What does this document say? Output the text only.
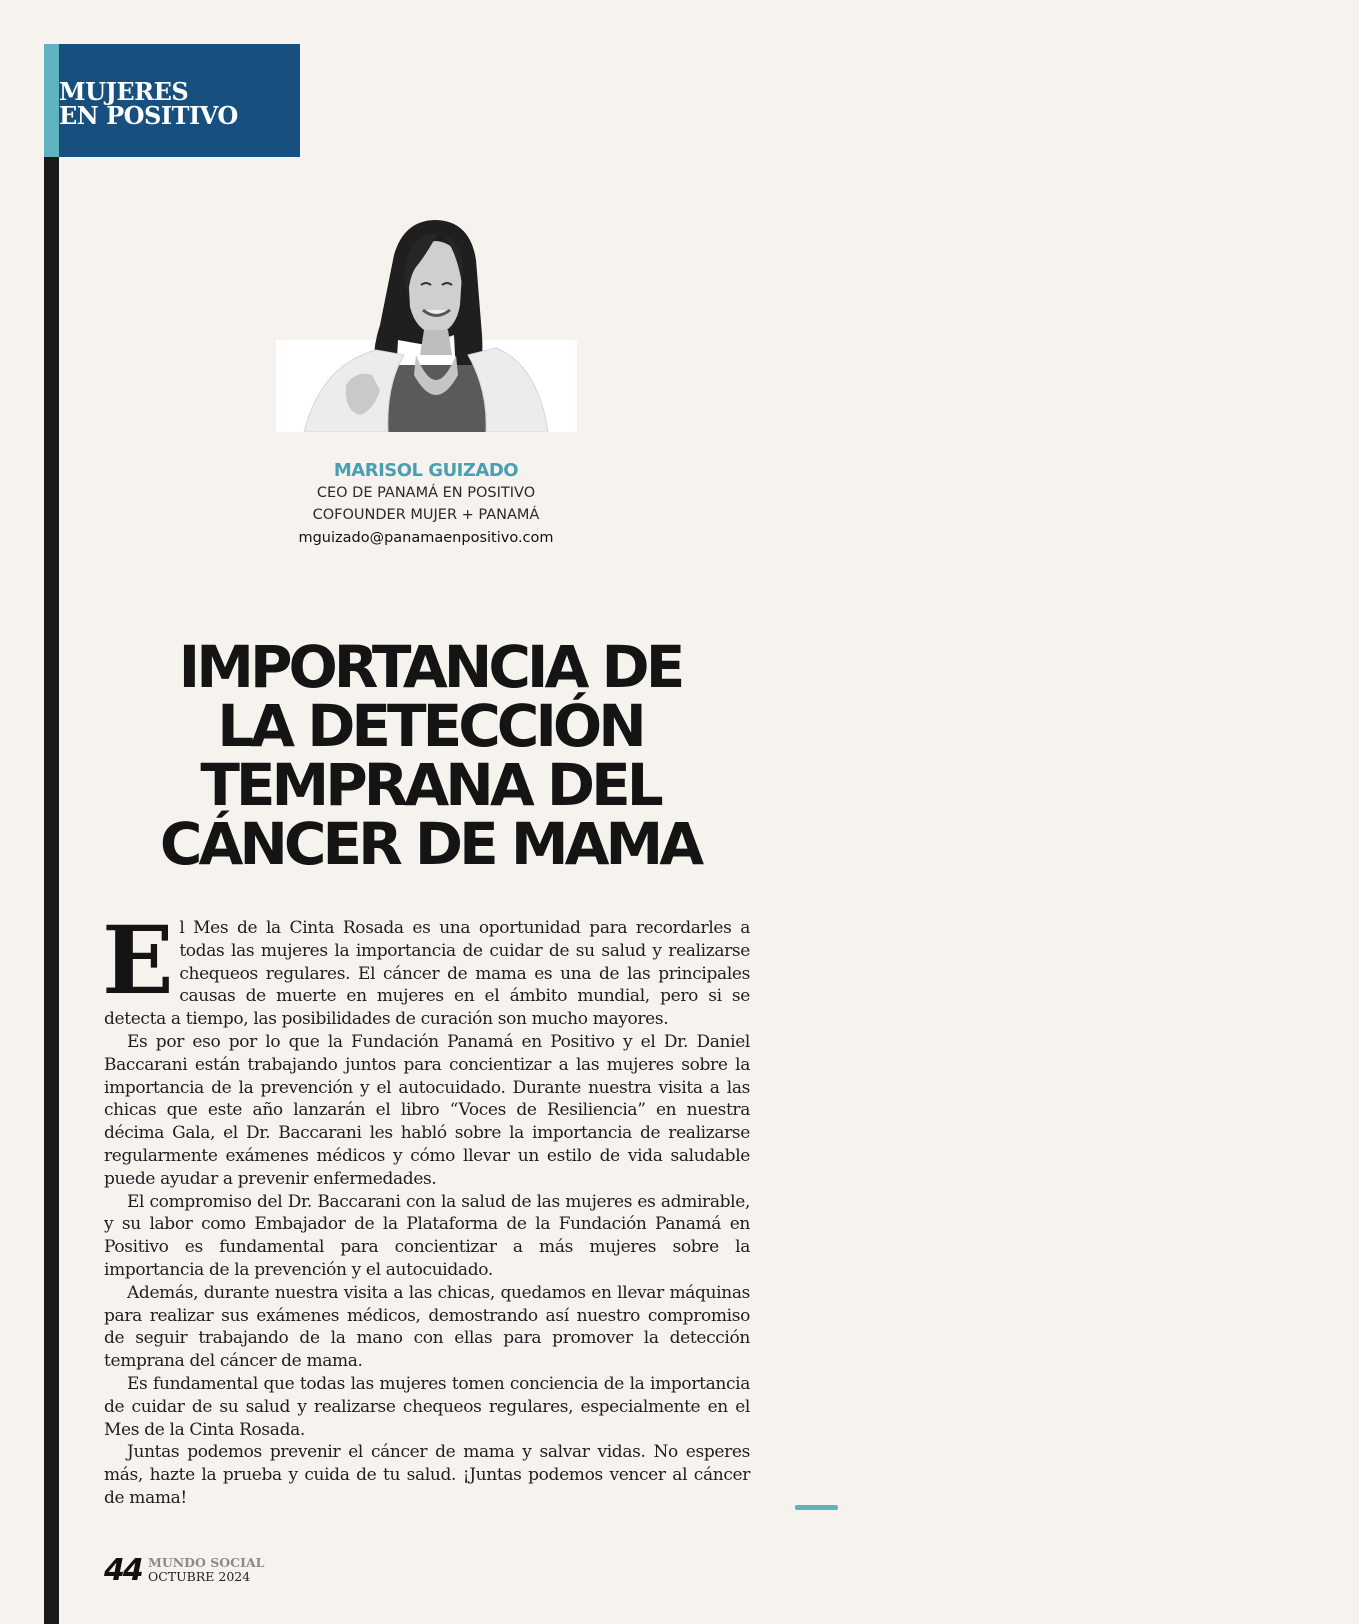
MUJERES
EN POSITIVO
MARISOL GUIZADO
CEO DE PANAMÁ EN POSITIVO
COFOUNDER MUJER + PANAMÁ
mguizado@panamaenpositivo.com
IMPORTANCIA DE
LA DETECCIÓN
TEMPRANA DEL
CÁNCER DE MAMA

El Mes de la Cinta Rosada es una oportunidad para recordarles a todas las mujeres la importancia de cuidar de su salud y realizarse chequeos regulares. El cáncer de mama es una de las principales causas de muerte en mujeres en el ámbito mundial, pero si se detecta a tiempo, las posibilidades de curación son mucho mayores.

Es por eso por lo que la Fundación Panamá en Positivo y el Dr. Daniel Baccarani están trabajando juntos para concientizar a las mujeres sobre la importancia de la prevención y el autocuidado. Durante nuestra visita a las chicas que este año lanzarán el libro “Voces de Resiliencia” en nuestra décima Gala, el Dr. Baccarani les habló sobre la importancia de realizarse regularmente exámenes médicos y cómo llevar un estilo de vida saludable puede ayudar a prevenir enfermedades.

El compromiso del Dr. Baccarani con la salud de las mujeres es admirable, y su labor como Embajador de la Plataforma de la Fundación Panamá en Positivo es fundamental para concientizar a más mujeres sobre la importancia de la prevención y el autocuidado.

Además, durante nuestra visita a las chicas, quedamos en llevar máquinas para realizar sus exámenes médicos, demostrando así nuestro compromiso de seguir trabajando de la mano con ellas para promover la detección temprana del cáncer de mama.

Es fundamental que todas las mujeres tomen conciencia de la importancia de cuidar de su salud y realizarse chequeos regulares, especialmente en el Mes de la Cinta Rosada.

Juntas podemos prevenir el cáncer de mama y salvar vidas. No esperes más, hazte la prueba y cuida de tu salud. ¡Juntas podemos vencer al cáncer de mama!

44 MUNDO SOCIAL
OCTUBRE 2024
